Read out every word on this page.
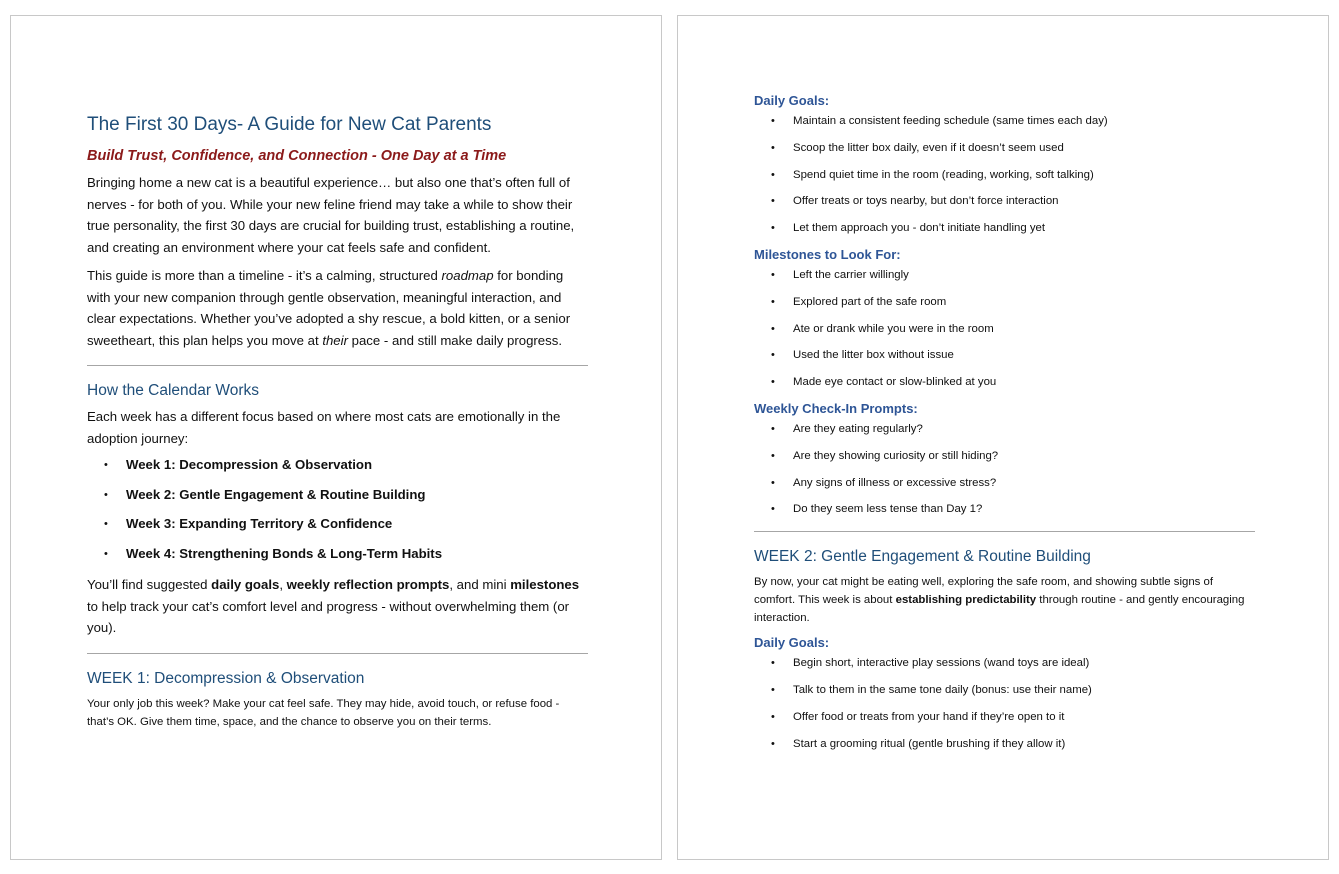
The First 30 Days- A Guide for New Cat Parents
Build Trust, Confidence, and Connection - One Day at a Time

Bringing home a new cat is a beautiful experience… but also one that’s often full of nerves - for both of you. While your new feline friend may take a while to show their true personality, the first 30 days are crucial for building trust, establishing a routine, and creating an environment where your cat feels safe and confident.

This guide is more than a timeline - it’s a calming, structured roadmap for bonding with your new companion through gentle observation, meaningful interaction, and clear expectations. Whether you’ve adopted a shy rescue, a bold kitten, or a senior sweetheart, this plan helps you move at their pace - and still make daily progress.

How the Calendar Works

Each week has a different focus based on where most cats are emotionally in the adoption journey:

• Week 1: Decompression & Observation
• Week 2: Gentle Engagement & Routine Building
• Week 3: Expanding Territory & Confidence
• Week 4: Strengthening Bonds & Long-Term Habits

You’ll find suggested daily goals, weekly reflection prompts, and mini milestones to help track your cat’s comfort level and progress - without overwhelming them (or you).

WEEK 1: Decompression & Observation

Your only job this week? Make your cat feel safe. They may hide, avoid touch, or refuse food - that’s OK. Give them time, space, and the chance to observe you on their terms.

Daily Goals:
• Maintain a consistent feeding schedule (same times each day)
• Scoop the litter box daily, even if it doesn’t seem used
• Spend quiet time in the room (reading, working, soft talking)
• Offer treats or toys nearby, but don’t force interaction
• Let them approach you - don’t initiate handling yet
Milestones to Look For:
• Left the carrier willingly
• Explored part of the safe room
• Ate or drank while you were in the room
• Used the litter box without issue
• Made eye contact or slow-blinked at you
Weekly Check-In Prompts:
• Are they eating regularly?
• Are they showing curiosity or still hiding?
• Any signs of illness or excessive stress?
• Do they seem less tense than Day 1?
WEEK 2: Gentle Engagement & Routine Building

By now, your cat might be eating well, exploring the safe room, and showing subtle signs of comfort. This week is about establishing predictability through routine - and gently encouraging interaction.

Daily Goals:
• Begin short, interactive play sessions (wand toys are ideal)
• Talk to them in the same tone daily (bonus: use their name)
• Offer food or treats from your hand if they’re open to it
• Start a grooming ritual (gentle brushing if they allow it)
